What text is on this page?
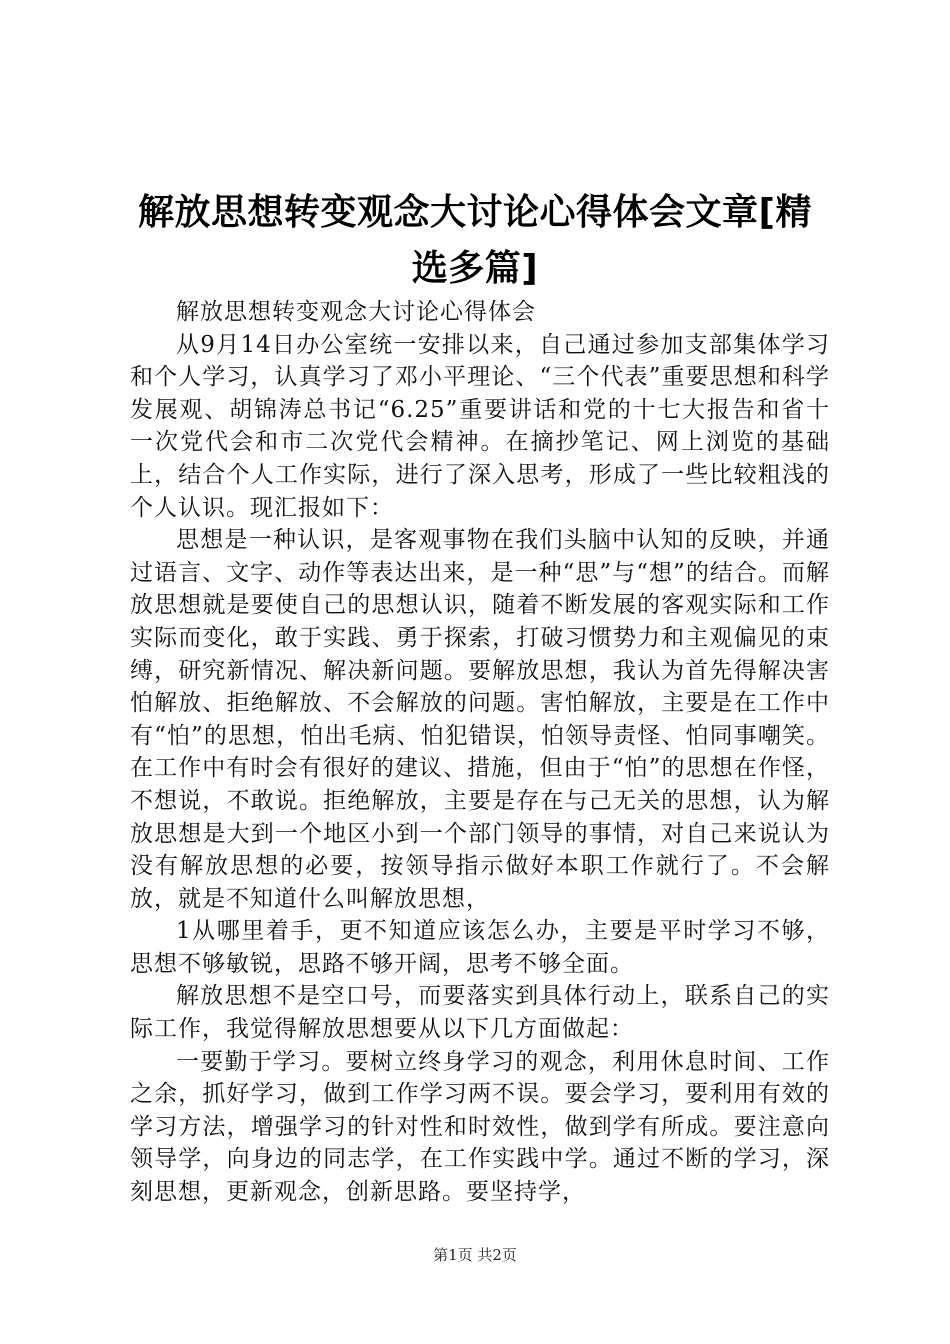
解放思想转变观念大讨论心得体会文章[精选多篇]

解放思想转变观念大讨论心得体会

从9月14日办公室统一安排以来，自己通过参加支部集体学习和个人学习，认真学习了邓小平理论、“三个代表”重要思想和科学发展观、胡锦涛总书记“6.25”重要讲话和党的十七大报告和省十一次党代会和市二次党代会精神。在摘抄笔记、网上浏览的基础上，结合个人工作实际，进行了深入思考，形成了一些比较粗浅的个人认识。现汇报如下：

思想是一种认识，是客观事物在我们头脑中认知的反映，并通过语言、文字、动作等表达出来，是一种“思”与“想”的结合。而解放思想就是要使自己的思想认识，随着不断发展的客观实际和工作实际而变化，敢于实践、勇于探索，打破习惯势力和主观偏见的束缚，研究新情况、解决新问题。要解放思想，我认为首先得解决害怕解放、拒绝解放、不会解放的问题。害怕解放，主要是在工作中有“怕”的思想，怕出毛病、怕犯错误，怕领导责怪、怕同事嘲笑。在工作中有时会有很好的建议、措施，但由于“怕”的思想在作怪，不想说，不敢说。拒绝解放，主要是存在与己无关的思想，认为解放思想是大到一个地区小到一个部门领导的事情，对自己来说认为没有解放思想的必要，按领导指示做好本职工作就行了。不会解放，就是不知道什么叫解放思想，

1从哪里着手，更不知道应该怎么办，主要是平时学习不够，思想不够敏锐，思路不够开阔，思考不够全面。

解放思想不是空口号，而要落实到具体行动上，联系自己的实际工作，我觉得解放思想要从以下几方面做起：

一要勤于学习。要树立终身学习的观念，利用休息时间、工作之余，抓好学习，做到工作学习两不误。要会学习，要利用有效的学习方法，增强学习的针对性和时效性，做到学有所成。要注意向领导学，向身边的同志学，在工作实践中学。通过不断的学习，深刻思想，更新观念，创新思路。要坚持学，

第1页 共2页
